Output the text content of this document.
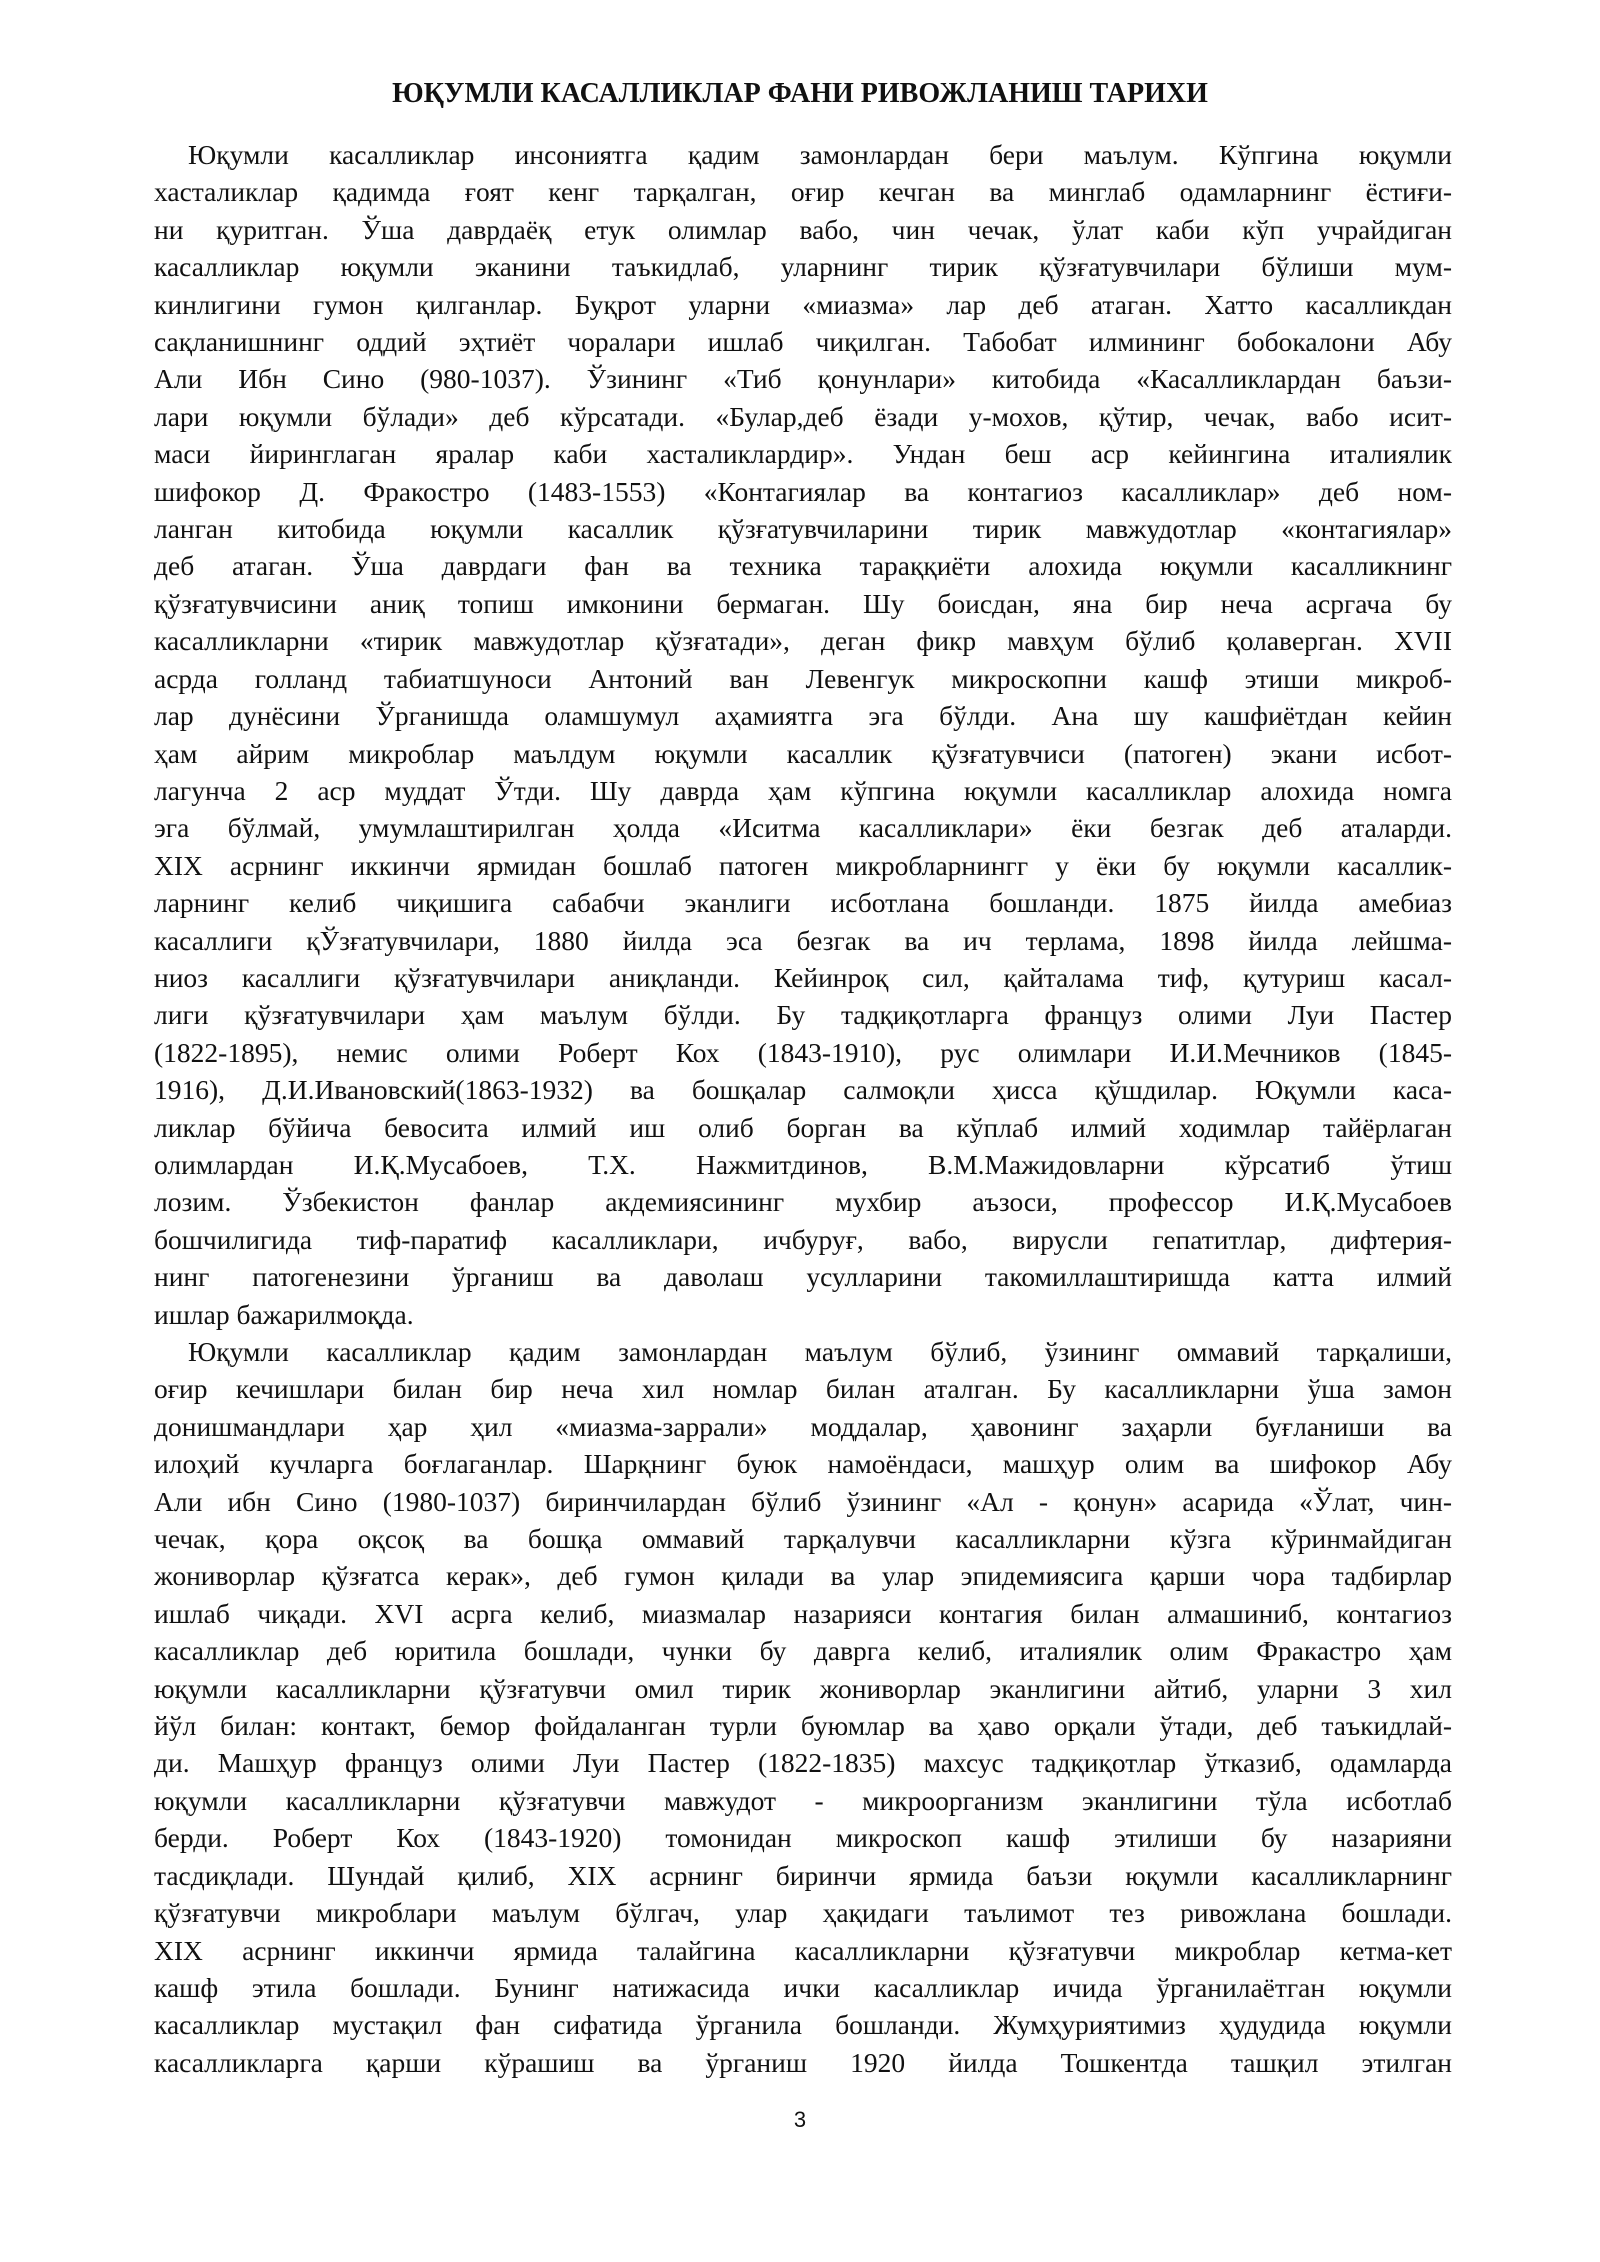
ЮҚУМЛИ КАСАЛЛИКЛАР ФАНИ РИВОЖЛАНИШ ТАРИХИ

Юқумли касалликлар инсониятга қадим замонлардан бери маълум. Кўпгина юқумли
хасталиклар қадимда ғоят кенг тарқалган, оғир кечган ва минглаб одамларнинг ёстиғи-
ни қуритган. Ўша даврдаёқ етук олимлар вабо, чин чечак, ўлат каби кўп учрайдиган
касалликлар юқумли эканини таъкидлаб, уларнинг тирик қўзғатувчилари бўлиши мум-
кинлигини гумон қилганлар. Буқрот уларни «миазма» лар деб атаган. Хатто касалликдан
сақланишнинг оддий эҳтиёт чоралари ишлаб чиқилган. Табобат илмининг бобокалони Абу
Али Ибн Сино (980-1037). Ўзининг «Тиб қонунлари» китобида «Касалликлардан баъзи-
лари юқумли бўлади» деб кўрсатади. «Булар,деб ёзади у-мохов, қўтир, чечак, вабо исит-
маси йиринглаган яралар каби хасталиклардир». Ундан беш аср кейингина италиялик
шифокор Д. Фракостро (1483-1553) «Контагиялар ва контагиоз касалликлар» деб ном-
ланган китобида юқумли касаллик қўзғатувчиларини тирик мавжудотлар «контагиялар»
деб атаган. Ўша даврдаги фан ва техника тараққиёти алохида юқумли касалликнинг
қўзғатувчисини аниқ топиш имконини бермаган. Шу боисдан, яна бир неча асргача бу
касалликларни «тирик мавжудотлар қўзғатади», деган фикр мавҳум бўлиб қолаверган. XVII
асрда голланд табиатшуноси Антоний ван Левенгук микроскопни кашф этиши микроб-
лар дунёсини Ўрганишда оламшумул аҳамиятга эга бўлди. Ана шу кашфиётдан кейин
ҳам айрим микроблар маълдум юқумли касаллик қўзғатувчиси (патоген) экани исбот-
лагунча 2 аср муддат Ўтди. Шу даврда ҳам кўпгина юқумли касалликлар алохида номга
эга бўлмай, умумлаштирилган ҳолда «Иситма касалликлари» ёки безгак деб аталарди.
XIX асрнинг иккинчи ярмидан бошлаб патоген микробларнингг у ёки бу юқумли касаллик-
ларнинг келиб чиқишига сабабчи эканлиги исботлана бошланди. 1875 йилда амебиаз
касаллиги қЎзғатувчилари, 1880 йилда эса безгак ва ич терлама, 1898 йилда лейшма-
ниоз касаллиги қўзғатувчилари аниқланди. Кейинроқ сил, қайталама тиф, қутуриш касал-
лиги қўзғатувчилари ҳам маълум бўлди. Бу тадқиқотларга француз олими Луи Пастер
(1822-1895), немис олими Роберт Кох (1843-1910), рус олимлари И.И.Мечников (1845-
1916), Д.И.Ивановский(1863-1932) ва бошқалар салмоқли ҳисса қўшдилар. Юқумли каса-
ликлар бўйича бевосита илмий иш олиб борган ва кўплаб илмий ходимлар тайёрлаган
олимлардан И.Қ.Мусабоев, Т.Х. Нажмитдинов, В.М.Мажидовларни кўрсатиб ўтиш
лозим. Ўзбекистон фанлар акдемиясининг мухбир аъзоси, профессор И.Қ.Мусабоев
бошчилигида тиф-паратиф касалликлари, ичбуруғ, вабо, вирусли гепатитлар, дифтерия-
нинг патогенезини ўрганиш ва даволаш усулларини такомиллаштиришда катта илмий
ишлар бажарилмоқда.

Юқумли касалликлар қадим замонлардан маълум бўлиб, ўзининг оммавий тарқалиши,
оғир кечишлари билан бир неча хил номлар билан аталган. Бу касалликларни ўша замон
донишмандлари ҳар ҳил «миазма-заррали» моддалар, ҳавонинг заҳарли буғланиши ва
илоҳий кучларга боғлаганлар. Шарқнинг буюк намоёндаси, машҳур олим ва шифокор Абу
Али ибн Сино (1980-1037) биринчилардан бўлиб ўзининг «Ал - қонун» асарида «Ўлат, чин-
чечак, қора оқсоқ ва бошқа оммавий тарқалувчи касалликларни кўзга кўринмайдиган
жониворлар қўзғатса керак», деб гумон қилади ва улар эпидемиясига қарши чора тадбирлар
ишлаб чиқади. XVI асрга келиб, миазмалар назарияси контагия билан алмашиниб, контагиоз
касалликлар деб юритила бошлади, чунки бу даврга келиб, италиялик олим Фракастро ҳам
юқумли касалликларни қўзғатувчи омил тирик жониворлар эканлигини айтиб, уларни 3 хил
йўл билан: контакт, бемор фойдаланган турли буюмлар ва ҳаво орқали ўтади, деб таъкидлай-
ди. Машҳур француз олими Луи Пастер (1822-1835) махсус тадқиқотлар ўтказиб, одамларда
юқумли касалликларни қўзғатувчи мавжудот - микроорганизм эканлигини тўла исботлаб
берди. Роберт Кох (1843-1920) томонидан микроскоп кашф этилиши бу назарияни
тасдиқлади. Шундай қилиб, XIX асрнинг биринчи ярмида баъзи юқумли касалликларнинг
қўзғатувчи микроблари маълум бўлгач, улар ҳақидаги таълимот тез ривожлана бошлади.
XIX асрнинг иккинчи ярмида талайгина касалликларни қўзғатувчи микроблар кетма-кет
кашф этила бошлади. Бунинг натижасида ички касалликлар ичида ўрганилаётган юқумли
касалликлар мустақил фан сифатида ўрганила бошланди. Жумҳуриятимиз ҳудудида юқумли
касалликларга қарши кўрашиш ва ўрганиш 1920 йилда Тошкентда ташқил этилган

3
